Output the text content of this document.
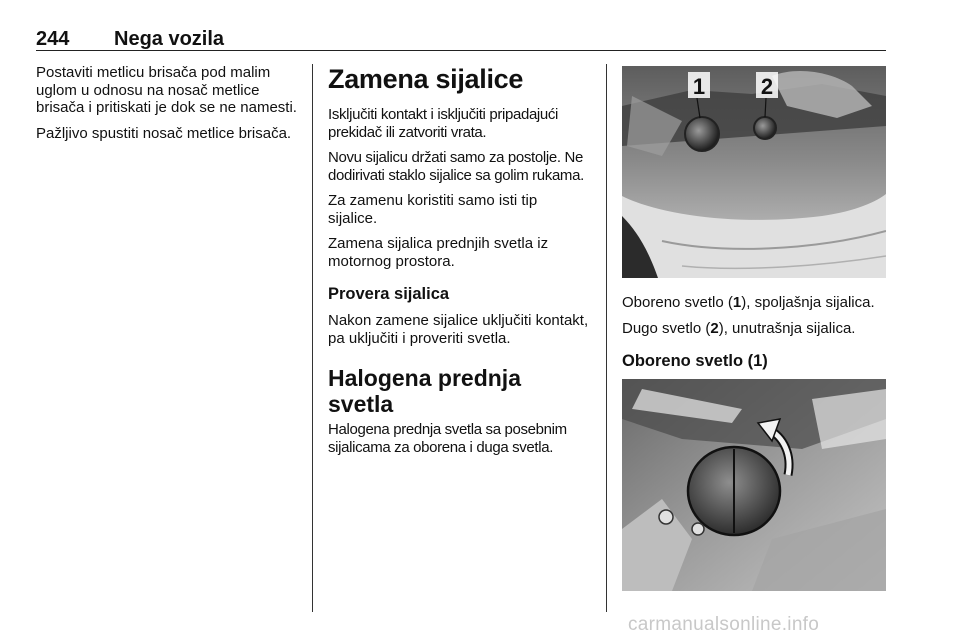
244 Nega vozila

Postaviti metlicu brisača pod malim uglom u odnosu na nosač metlice brisača i pritiskati je dok se ne namesti.

Pažljivo spustiti nosač metlice brisača.

Zamena sijalice

Isključiti kontakt i isključiti pripadajući prekidač ili zatvoriti vrata.

Novu sijalicu držati samo za postolje. Ne dodirivati staklo sijalice sa golim rukama.

Za zamenu koristiti samo isti tip sijalice.

Zamena sijalica prednjih svetla iz motornog prostora.

Provera sijalica

Nakon zamene sijalice uključiti kontakt, pa uključiti i proveriti svetla.

Halogena prednja svetla

Halogena prednja svetla sa posebnim sijalicama za oborena i duga svetla.

1	2

Oboreno svetlo (1), spoljašnja sijalica.

Dugo svetlo (2), unutrašnja sijalica.

Oboreno svetlo (1)
carmanualsonline.info
